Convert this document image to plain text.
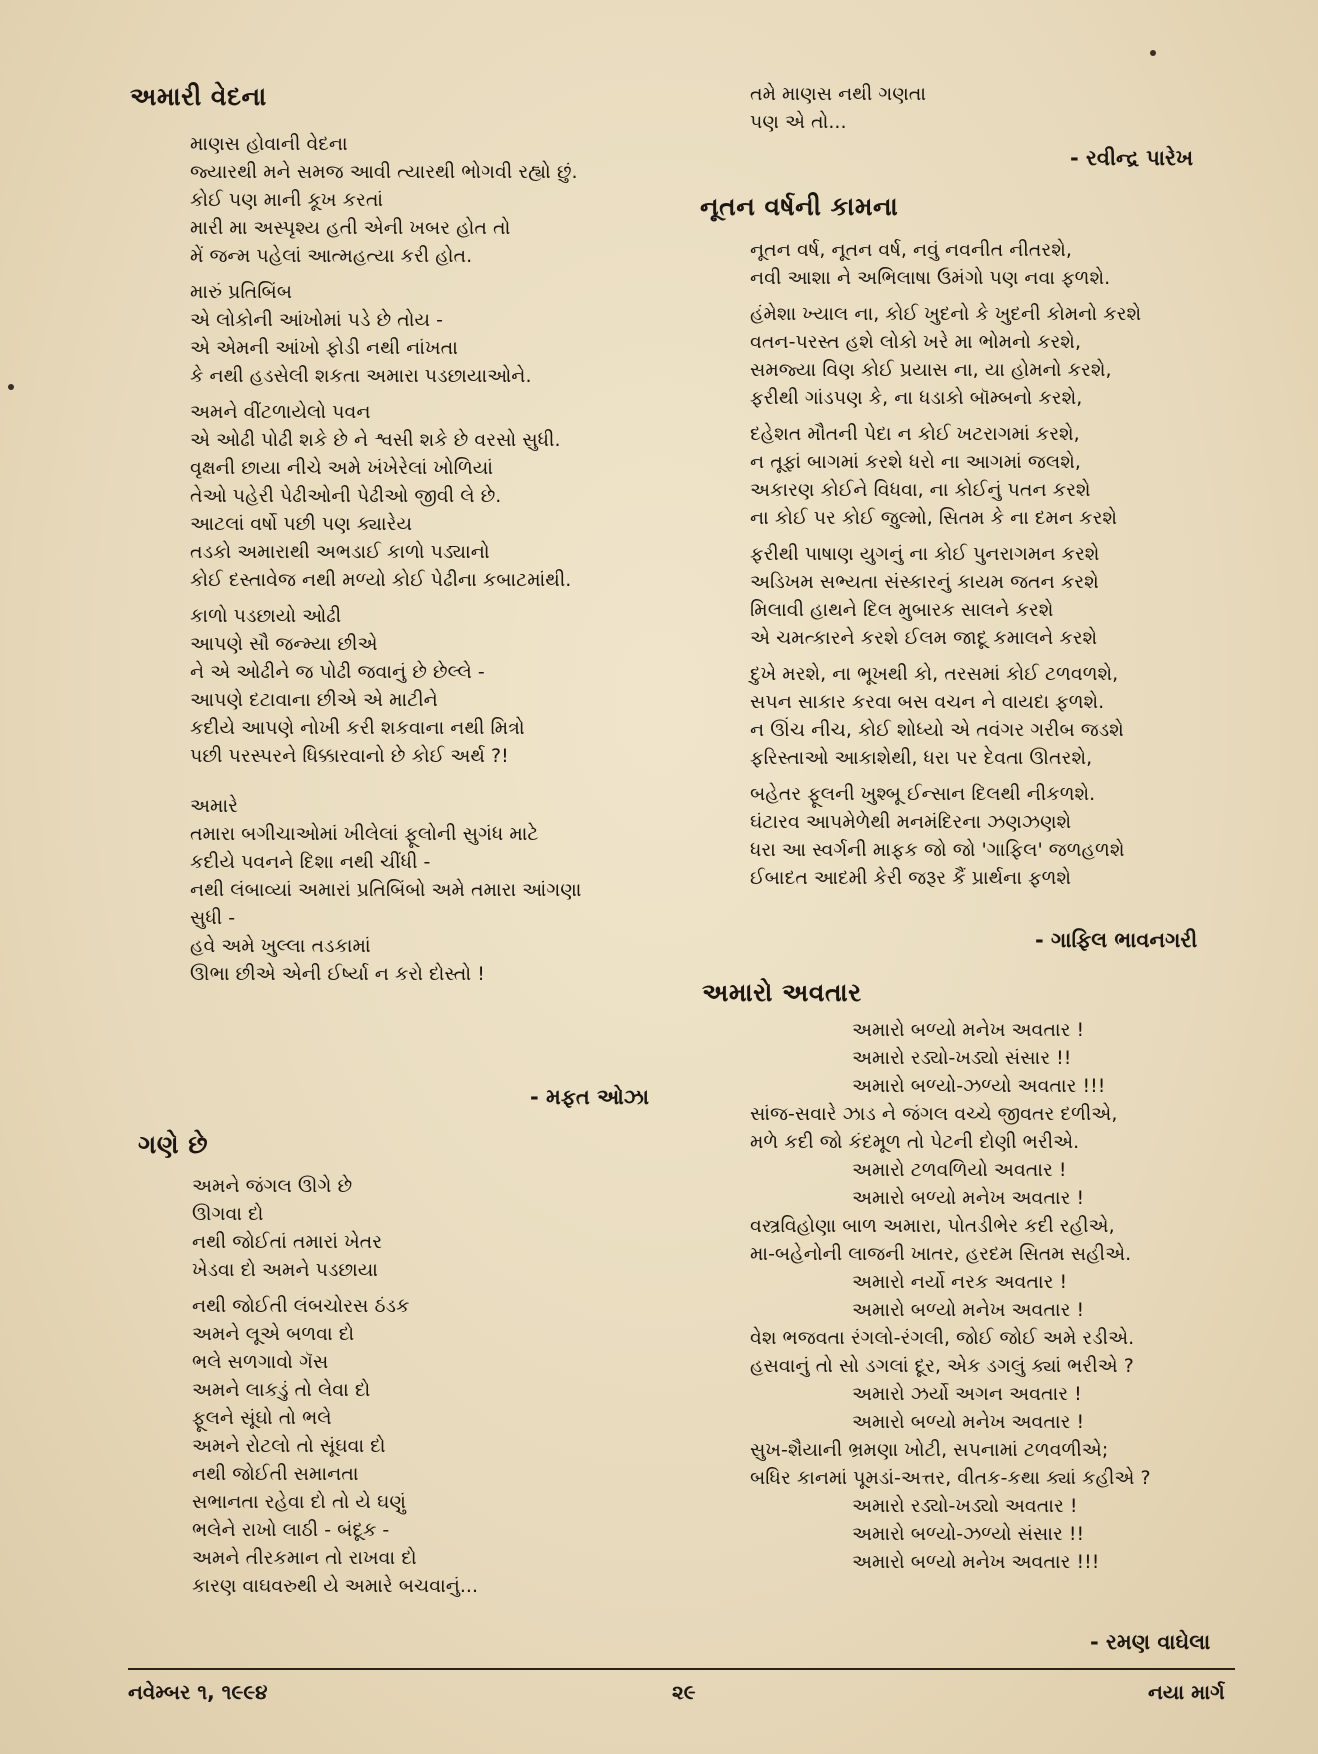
અમારી વેદના
માણસ હોવાની વેદના
જ્યારથી મને સમજ આવી ત્યારથી ભોગવી રહ્યો છું.
કોઈ પણ માની કૂખ કરતાં
મારી મા અસ્પૃશ્ય હતી એની ખબર હોત તો
મેં જન્મ પહેલાં આત્મહત્યા કરી હોત.
મારું પ્રતિબિંબ
એ લોકોની આંખોમાં પડે છે તોય -
એ એમની આંખો ફોડી નથી નાંખતા
કે નથી હડસેલી શકતા અમારા પડછાયાઓને.
અમને વીંટળાયેલો પવન
એ ઓઢી પોઢી શકે છે ને શ્વસી શકે છે વરસો સુધી.
વૃક્ષની છાયા નીચે અમે ખંખેરેલાં ખોળિયાં
તેઓ પહેરી પેઢીઓની પેઢીઓ જીવી લે છે.
આટલાં વર્ષો પછી પણ ક્યારેય
તડકો અમારાથી અભડાઈ કાળો પડ્યાનો
કોઈ દસ્તાવેજ નથી મળ્યો કોઈ પેઢીના કબાટમાંથી.
કાળો પડછાયો ઓઢી
આપણે સૌ જન્મ્યા છીએ
ને એ ઓઢીને જ પોઢી જવાનું છે છેલ્લે -
આપણે દટાવાના છીએ એ માટીને
કદીયે આપણે નોખી કરી શકવાના નથી મિત્રો
પછી પરસ્પરને ધિક્કારવાનો છે કોઈ અર્થ ?!
અમારે
તમારા બગીચાઓમાં ખીલેલાં ફૂલોની સુગંધ માટે
કદીયે પવનને દિશા નથી ચીંધી -
નથી લંબાવ્યાં અમારાં પ્રતિબિંબો અમે તમારા આંગણા
સુધી -
હવે અમે ખુલ્લા તડકામાં
ઊભા છીએ એની ઈર્ષ્યા ન કરો દોસ્તો !
- મફત ઓઝા
ગણે છે
અમને જંગલ ઊગે છે
ઊગવા દો
નથી જોઈતાં તમારાં ખેતર
ખેડવા દો અમને પડછાયા
નથી જોઈતી લંબચોરસ ઠંડક
અમને લૂએ બળવા દો
ભલે સળગાવો ગૅસ
અમને લાકડું તો લેવા દો
ફૂલને સૂંઘો તો ભલે
અમને રોટલો તો સૂંઘવા દો
નથી જોઈતી સમાનતા
સભાનતા રહેવા દો તો યે ઘણું
ભલેને રાખો લાઠી - બંદૂક -
અમને તીરકમાન તો રાખવા દો
કારણ વાઘવરુથી યે અમારે બચવાનું...
તમે માણસ નથી ગણતા
પણ એ તો...
- રવીન્દ્ર પારેખ
નૂતન વર્ષની કામના
નૂતન વર્ષ, નૂતન વર્ષ, નવું નવનીત નીતરશે,
નવી આશા ને અભિલાષા ઉમંગો પણ નવા ફળશે.
હંમેશા ખ્યાલ ના, કોઈ ખુદનો કે ખુદની કોમનો કરશે
વતન-પરસ્ત હશે લોકો ખરે મા ભોમનો કરશે,
સમજ્યા વિણ કોઈ પ્રયાસ ના, યા હોમનો કરશે,
ફરીથી ગાંડપણ કે, ના ધડાકો બૉમ્બનો કરશે,
દહેશત મૌતની પેદા ન કોઈ ખટરાગમાં કરશે,
ન તૂફાં બાગમાં કરશે ધરો ના આગમાં જલશે,
અકારણ કોઈને વિધવા, ના કોઈનું પતન કરશે
ના કોઈ પર કોઈ જુલ્મો, સિતમ કે ના દમન કરશે
ફરીથી પાષાણ યુગનું ના કોઈ પુનરાગમન કરશે
અડિખમ સભ્યતા સંસ્કારનું કાયમ જતન કરશે
મિલાવી હાથને દિલ મુબારક સાલને કરશે
એ ચમત્કારને કરશે ઈલમ જાદૂ કમાલને કરશે
દુખે મરશે, ના ભૂખથી કો, તરસમાં કોઈ ટળવળશે,
સપન સાકાર કરવા બસ વચન ને વાયદા ફળશે.
ન ઊંચ નીચ, કોઈ શોધ્યો એ તવંગર ગરીબ જડશે
ફરિસ્તાઓ આકાશેથી, ધરા પર દેવતા ઊતરશે,
બહેતર ફૂલની ખુશ્બૂ ઈન્સાન દિલથી નીકળશે.
ઘંટારવ આપમેળેથી મનમંદિરના ઝણઝણશે
ધરા આ સ્વર્ગની માફક જો જો 'ગાફિલ' જળહળશે
ઈબાદત આદમી કેરી જરૂર કૈં પ્રાર્થના ફળશે
- ગાફિલ ભાવનગરી
અમારો અવતાર
અમારો બળ્યો મનેખ અવતાર !
અમારો રડ્યો-ખડ્યો સંસાર !!
અમારો બળ્યો-ઝળ્યો અવતાર !!!
સાંજ-સવારે ઝાડ ને જંગલ વચ્ચે જીવતર દળીએ,
મળે કદી જો કંદમૂળ તો પેટની દોણી ભરીએ.
અમારો ટળવળિયો અવતાર !
અમારો બળ્યો મનેખ અવતાર !
વસ્ત્રવિહોણા બાળ અમારા, પોતડીભેર કદી રહીએ,
મા-બહેનોની લાજની ખાતર, હરદમ સિતમ સહીએ.
અમારો નર્યો નરક અવતાર !
અમારો બળ્યો મનેખ અવતાર !
વેશ ભજવતા રંગલો-રંગલી, જોઈ જોઈ અમે રડીએ.
હસવાનું તો સો ડગલાં દૂર, એક ડગલું ક્યાં ભરીએ ?
અમારો ઝર્યો અગન અવતાર !
અમારો બળ્યો મનેખ અવતાર !
સુખ-શૈયાની ભ્રમણા ખોટી, સપનામાં ટળવળીએ;
બધિર કાનમાં પૂમડાં-અત્તર, વીતક-કથા ક્યાં કહીએ ?
અમારો રડ્યો-ખડ્યો અવતાર !
અમારો બળ્યો-ઝળ્યો સંસાર !!
અમારો બળ્યો મનેખ અવતાર !!!
- રમણ વાઘેલા
નવેમ્બર ૧, ૧૯૯૪	૨૯	નયા માર્ગ
